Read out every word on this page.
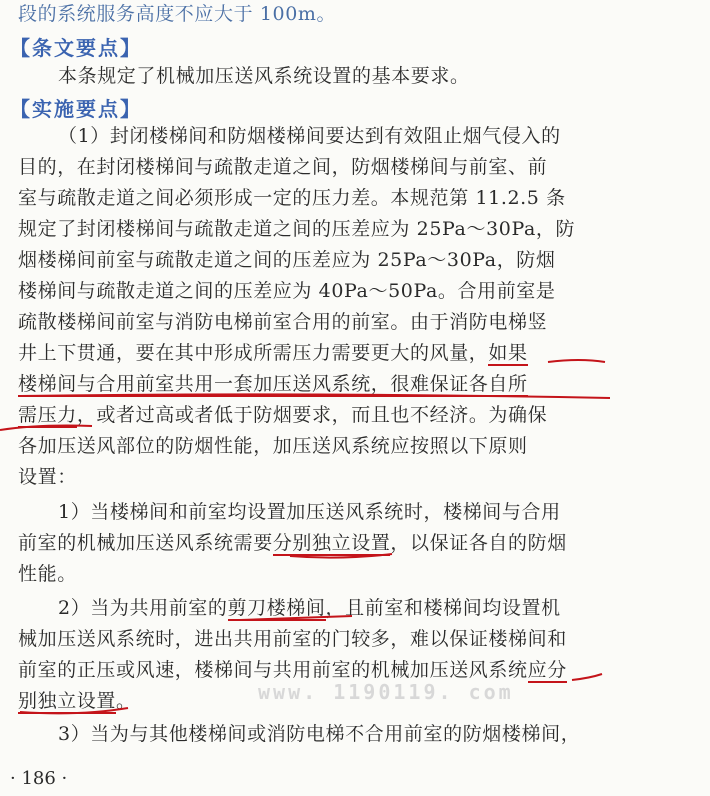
段的系统服务高度不应大于 100m。
【条文要点】
本条规定了机械加压送风系统设置的基本要求。
【实施要点】
（1）封闭楼梯间和防烟楼梯间要达到有效阻止烟气侵入的
目的，在封闭楼梯间与疏散走道之间，防烟楼梯间与前室、前
室与疏散走道之间必须形成一定的压力差。本规范第 11.2.5 条
规定了封闭楼梯间与疏散走道之间的压差应为 25Pa～30Pa，防
烟楼梯间前室与疏散走道之间的压差应为 25Pa～30Pa，防烟
楼梯间与疏散走道之间的压差应为 40Pa～50Pa。合用前室是
疏散楼梯间前室与消防电梯前室合用的前室。由于消防电梯竖
井上下贯通，要在其中形成所需压力需要更大的风量，如果
楼梯间与合用前室共用一套加压送风系统，很难保证各自所
需压力，或者过高或者低于防烟要求，而且也不经济。为确保
各加压送风部位的防烟性能，加压送风系统应按照以下原则
设置：
1）当楼梯间和前室均设置加压送风系统时，楼梯间与合用
前室的机械加压送风系统需要分别独立设置，以保证各自的防烟
性能。
2）当为共用前室的剪刀楼梯间，且前室和楼梯间均设置机
械加压送风系统时，进出共用前室的门较多，难以保证楼梯间和
前室的正压或风速，楼梯间与共用前室的机械加压送风系统应分
别独立设置。
3）当为与其他楼梯间或消防电梯不合用前室的防烟楼梯间，
www. 1190119. com
· 186 ·
